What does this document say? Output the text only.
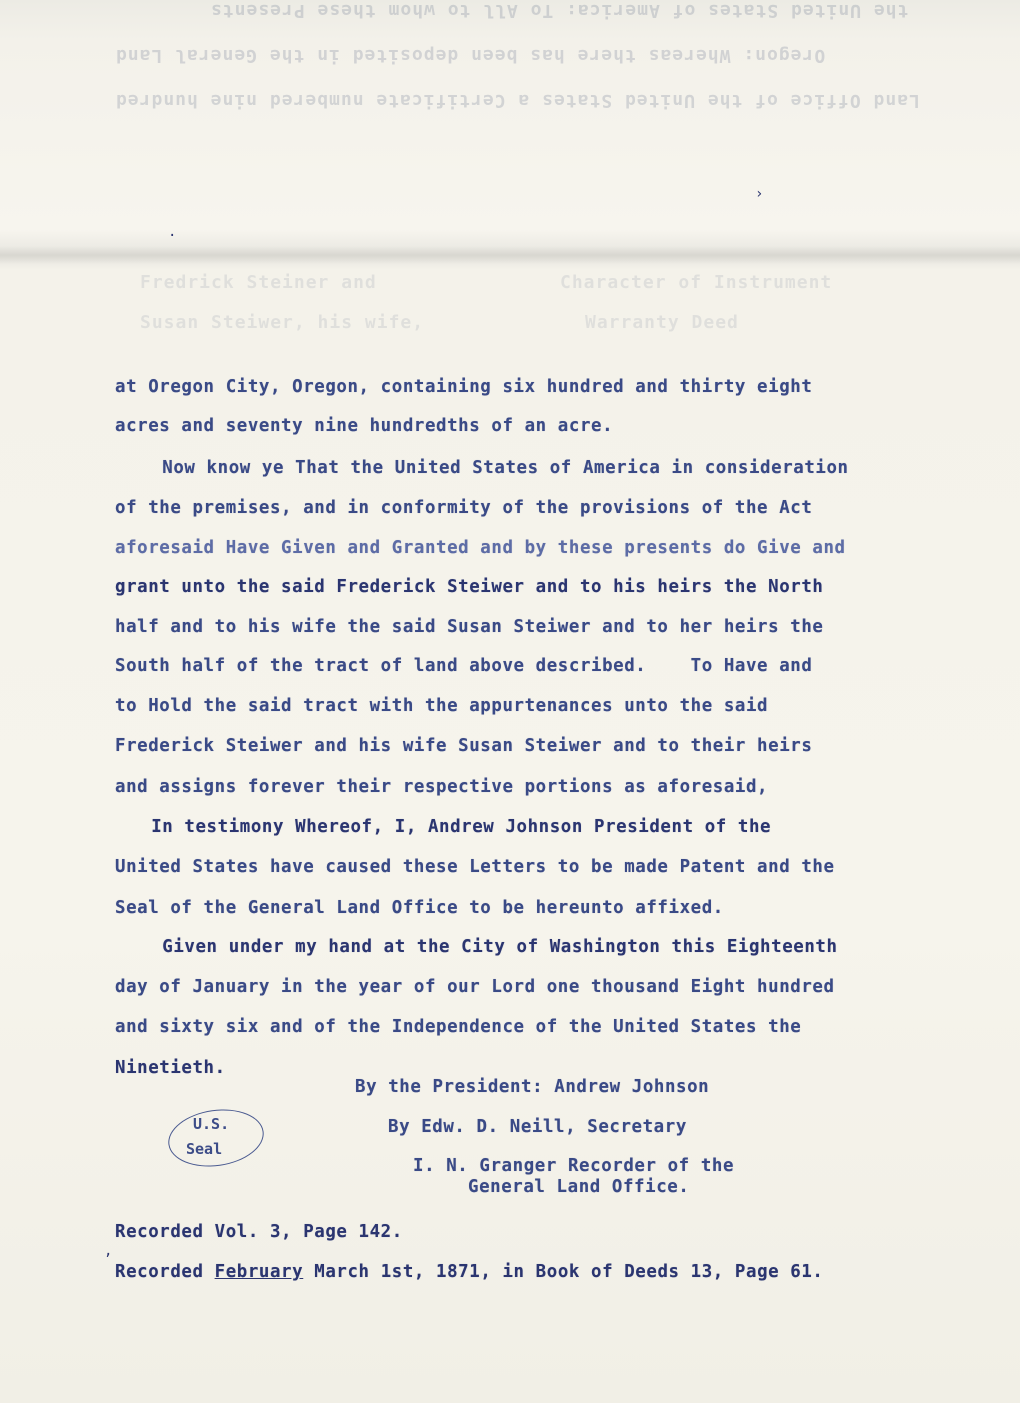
the United States of America: To All to whom these Presents
Oregon: Whereas there has been deposited in the General Land
Land Office of the United States a Certificate numbered nine hundred
Fredrick Steiner and
Susan Steiwer, his wife,
Character of Instrument
Warranty Deed
at Oregon City, Oregon, containing six hundred and thirty eight
acres and seventy nine hundredths of an acre.
Now know ye That the United States of America in consideration
of the premises, and in conformity of the provisions of the Act
aforesaid Have Given and Granted and by these presents do Give and
grant unto the said Frederick Steiwer and to his heirs the North
half and to his wife the said Susan Steiwer and to her heirs the
South half of the tract of land above described.    To Have and
to Hold the said tract with the appurtenances unto the said
Frederick Steiwer and his wife Susan Steiwer and to their heirs
and assigns forever their respective portions as aforesaid,
In testimony Whereof, I, Andrew Johnson President of the
United States have caused these Letters to be made Patent and the
Seal of the General Land Office to be hereunto affixed.
Given under my hand at the City of Washington this Eighteenth
day of January in the year of our Lord one thousand Eight hundred
and sixty six and of the Independence of the United States the
Ninetieth.
By the President: Andrew Johnson
By Edw. D. Neill, Secretary
I. N. Granger Recorder of the
General Land Office.
U.S.
Seal
Recorded Vol. 3, Page 142.
Recorded February March 1st, 1871, in Book of Deeds 13, Page 61.
·
›
,
